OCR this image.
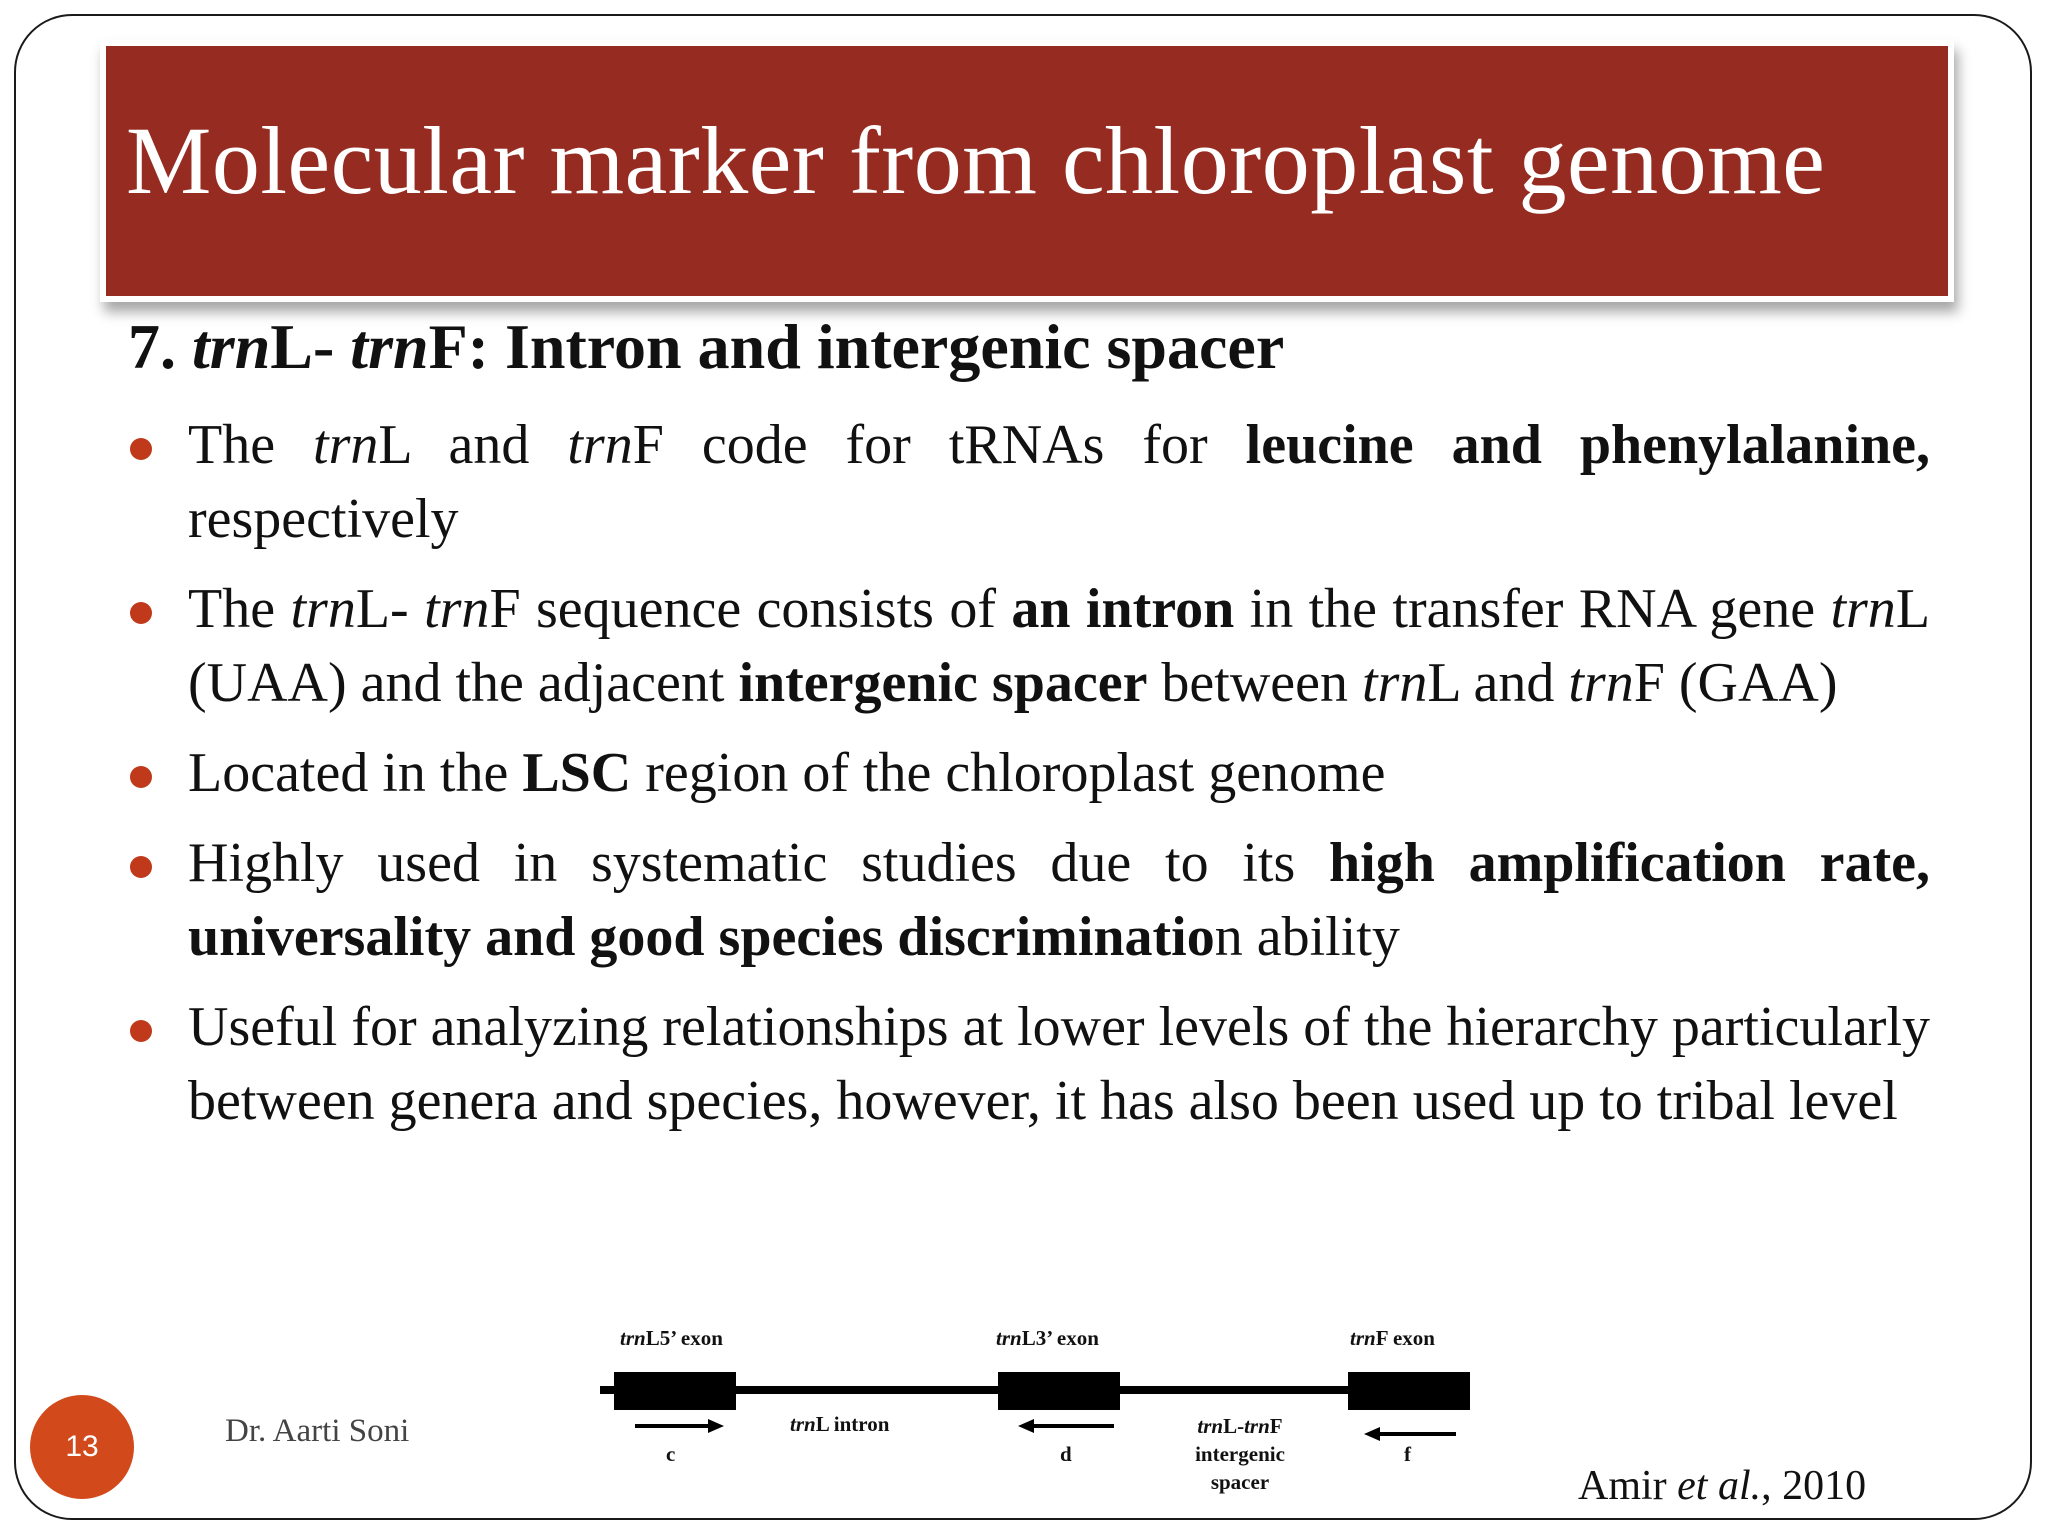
Molecular marker from chloroplast genome
7. trnL- trnF: Intron and intergenic spacer
The trnL and trnF code for tRNAs for leucine and phenylalanine, respectively
The trnL- trnF sequence consists of an intron in the transfer RNA gene trnL (UAA) and the adjacent intergenic spacer between trnL and trnF (GAA)
Located in the LSC region of the chloroplast genome
Highly used in systematic studies due to its high amplification rate, universality and good species discrimination ability
Useful for analyzing relationships at lower levels of the hierarchy particularly between genera and species, however, it has also been used up to tribal level
trnL5’ exon	trnL3’ exon	trnF exon
trnL intron	trnL-trnF
intergenic
spacer
c	d	f
13	Dr. Aarti Soni
Amir et al., 2010
